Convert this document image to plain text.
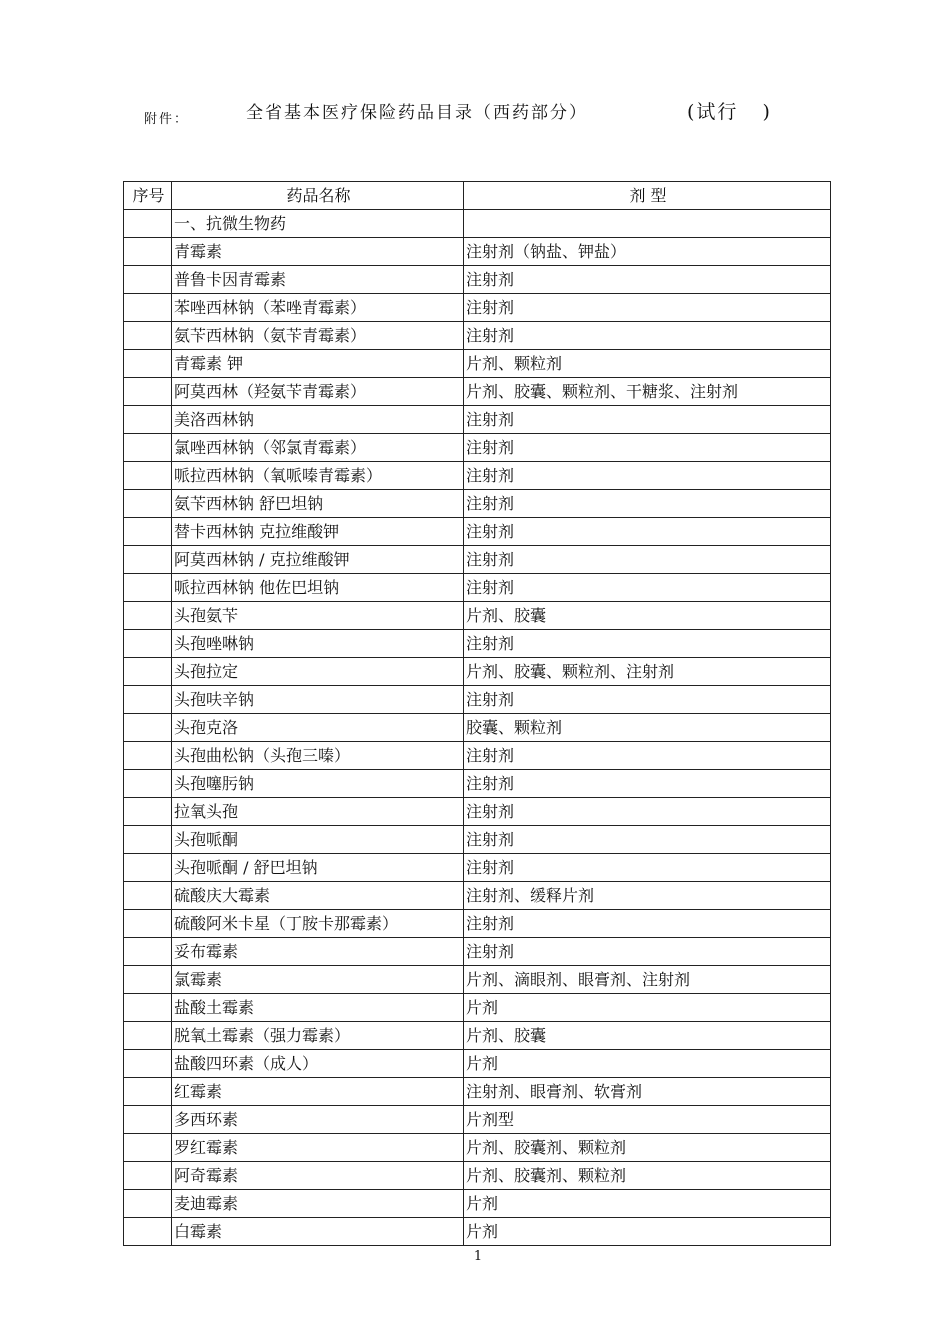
附件：	全省基本医疗保险药品目录（西药部分）	(试行   )
序号	药品名称	剂 型
	一、抗微生物药	
	青霉素	注射剂（钠盐、钾盐）
	普鲁卡因青霉素	注射剂
	苯唑西林钠（苯唑青霉素）	注射剂
	氨苄西林钠（氨苄青霉素）	注射剂
	青霉素 钾	片剂、颗粒剂
	阿莫西林（羟氨苄青霉素）	片剂、胶囊、颗粒剂、干糖浆、注射剂
	美洛西林钠	注射剂
	氯唑西林钠（邻氯青霉素）	注射剂
	哌拉西林钠（氧哌嗪青霉素）	注射剂
	氨苄西林钠 舒巴坦钠	注射剂
	替卡西林钠 克拉维酸钾	注射剂
	阿莫西林钠 / 克拉维酸钾	注射剂
	哌拉西林钠 他佐巴坦钠	注射剂
	头孢氨苄	片剂、胶囊
	头孢唑啉钠	注射剂
	头孢拉定	片剂、胶囊、颗粒剂、注射剂
	头孢呋辛钠	注射剂
	头孢克洛	胶囊、颗粒剂
	头孢曲松钠（头孢三嗪）	注射剂
	头孢噻肟钠	注射剂
	拉氧头孢	注射剂
	头孢哌酮	注射剂
	头孢哌酮 / 舒巴坦钠	注射剂
	硫酸庆大霉素	注射剂、缓释片剂
	硫酸阿米卡星（丁胺卡那霉素）	注射剂
	妥布霉素	注射剂
	氯霉素	片剂、滴眼剂、眼膏剂、注射剂
	盐酸土霉素	片剂
	脱氧土霉素（强力霉素）	片剂、胶囊
	盐酸四环素（成人）	片剂
	红霉素	注射剂、眼膏剂、软膏剂
	多西环素	片剂型
	罗红霉素	片剂、胶囊剂、颗粒剂
	阿奇霉素	片剂、胶囊剂、颗粒剂
	麦迪霉素	片剂
	白霉素	片剂
1
